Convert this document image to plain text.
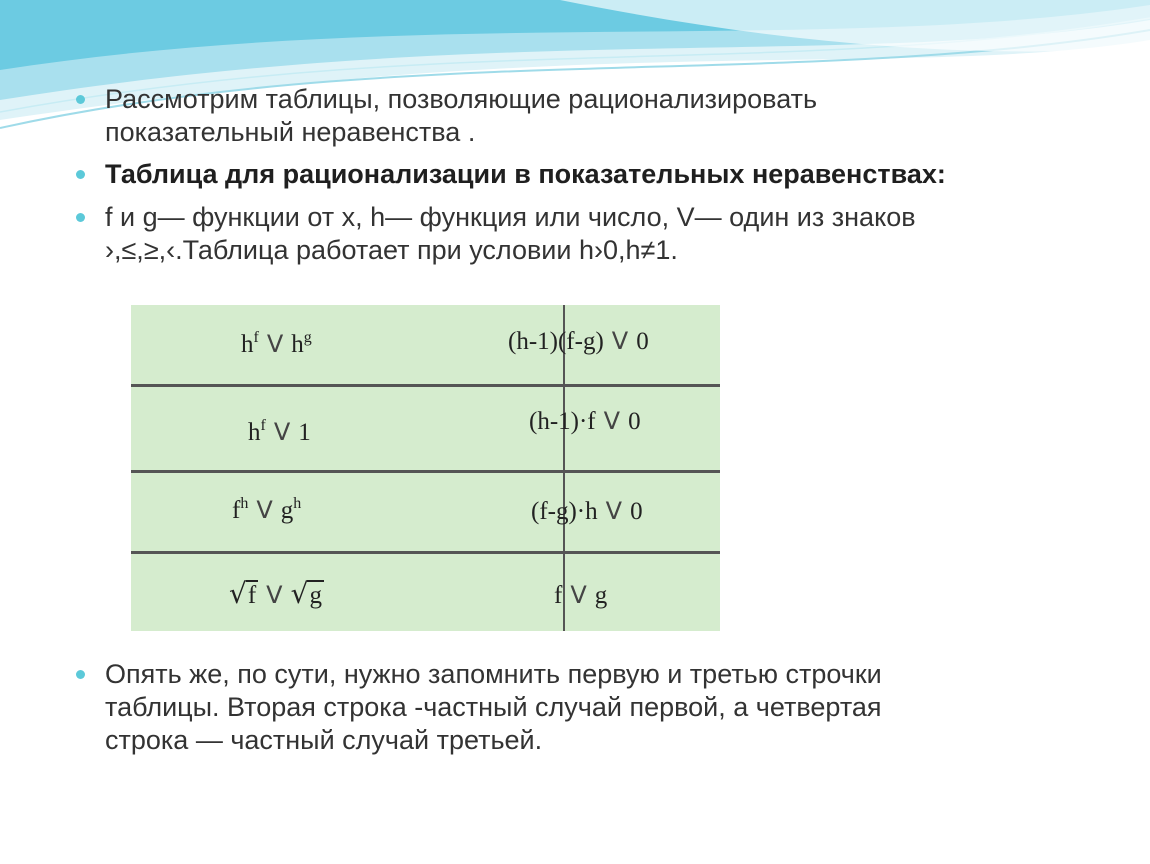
Рассмотрим таблицы, позволяющие рационализировать
показательный неравенства .
Таблица для рационализации в показательных неравенствах:
f и g— функции от x, h— функция или число, V— один из знаков
›,≤,≥,‹.Таблица работает при условии h›0,h≠1.
$h^f$ V $h^g$	(h-1)(f-g) V 0
$h^f$ V 1	(h-1)·f V 0
$f^h$ V $g^h$	(f-g)·h V 0
√f V √g	f V g
Опять же, по сути, нужно запомнить первую и третью строчки
таблицы. Вторая строка -частный случай первой, а четвертая
строка — частный случай третьей.
